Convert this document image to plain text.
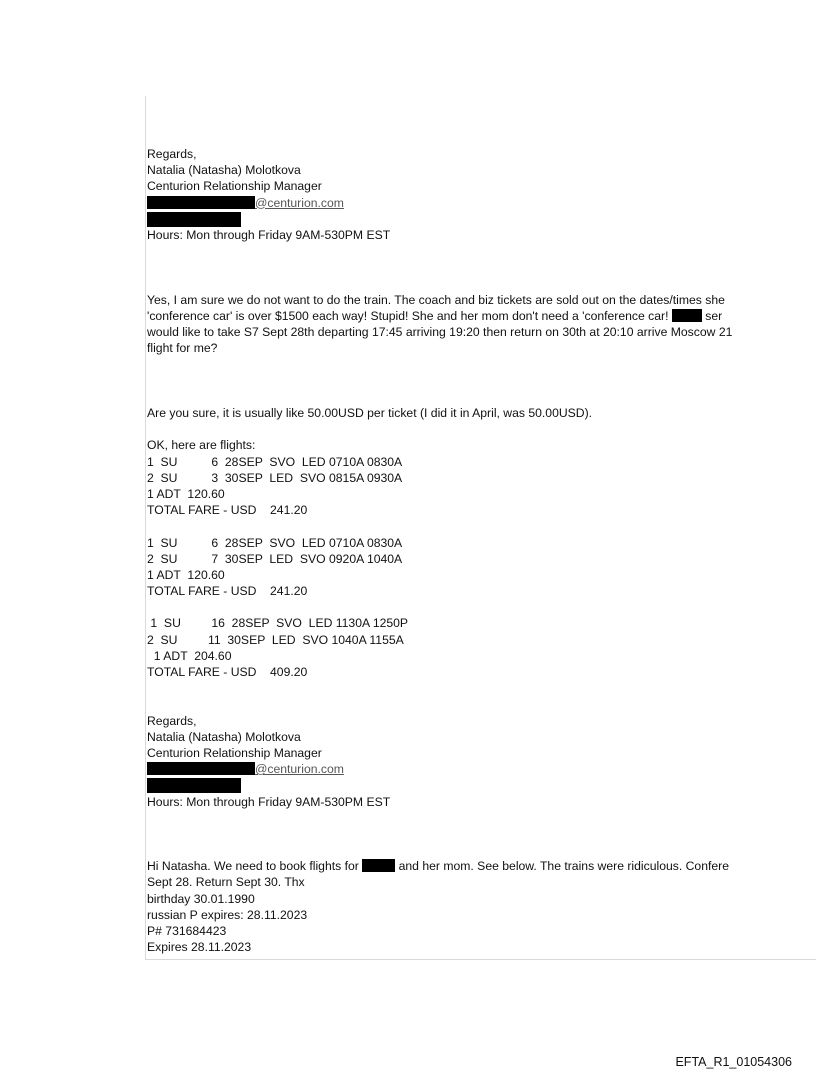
Regards,
Natalia (Natasha) Molotkova
Centurion Relationship Manager
@centurion.com
Hours: Mon through Friday 9AM-530PM EST
Yes, I am sure we do not want to do the train. The coach and biz tickets are sold out on the dates/times she
'conference car' is over $1500 each way! Stupid! She and her mom don't need a 'conference car!	ser
would like to take S7 Sept 28th departing 17:45 arriving 19:20 then return on 30th at 20:10 arrive Moscow 21
flight for me?
Are you sure, it is usually like 50.00USD per ticket (I did it in April, was 50.00USD).
OK, here are flights:
1  SU          6  28SEP  SVO  LED 0710A 0830A
2  SU          3  30SEP  LED  SVO 0815A 0930A
1 ADT  120.60
TOTAL FARE - USD    241.20
1  SU          6  28SEP  SVO  LED 0710A 0830A
2  SU          7  30SEP  LED  SVO 0920A 1040A
1 ADT  120.60
TOTAL FARE - USD    241.20
1  SU         16  28SEP  SVO  LED 1130A 1250P
2  SU         11  30SEP  LED  SVO 1040A 1155A
1 ADT  204.60
TOTAL FARE - USD    409.20
Regards,
Natalia (Natasha) Molotkova
Centurion Relationship Manager
@centurion.com
Hours: Mon through Friday 9AM-530PM EST
Hi Natasha. We need to book flights for	and her mom. See below. The trains were ridiculous. Confere
Sept 28. Return Sept 30. Thx
birthday 30.01.1990
russian P expires: 28.11.2023
P# 731684423
Expires 28.11.2023
EFTA_R1_01054306
